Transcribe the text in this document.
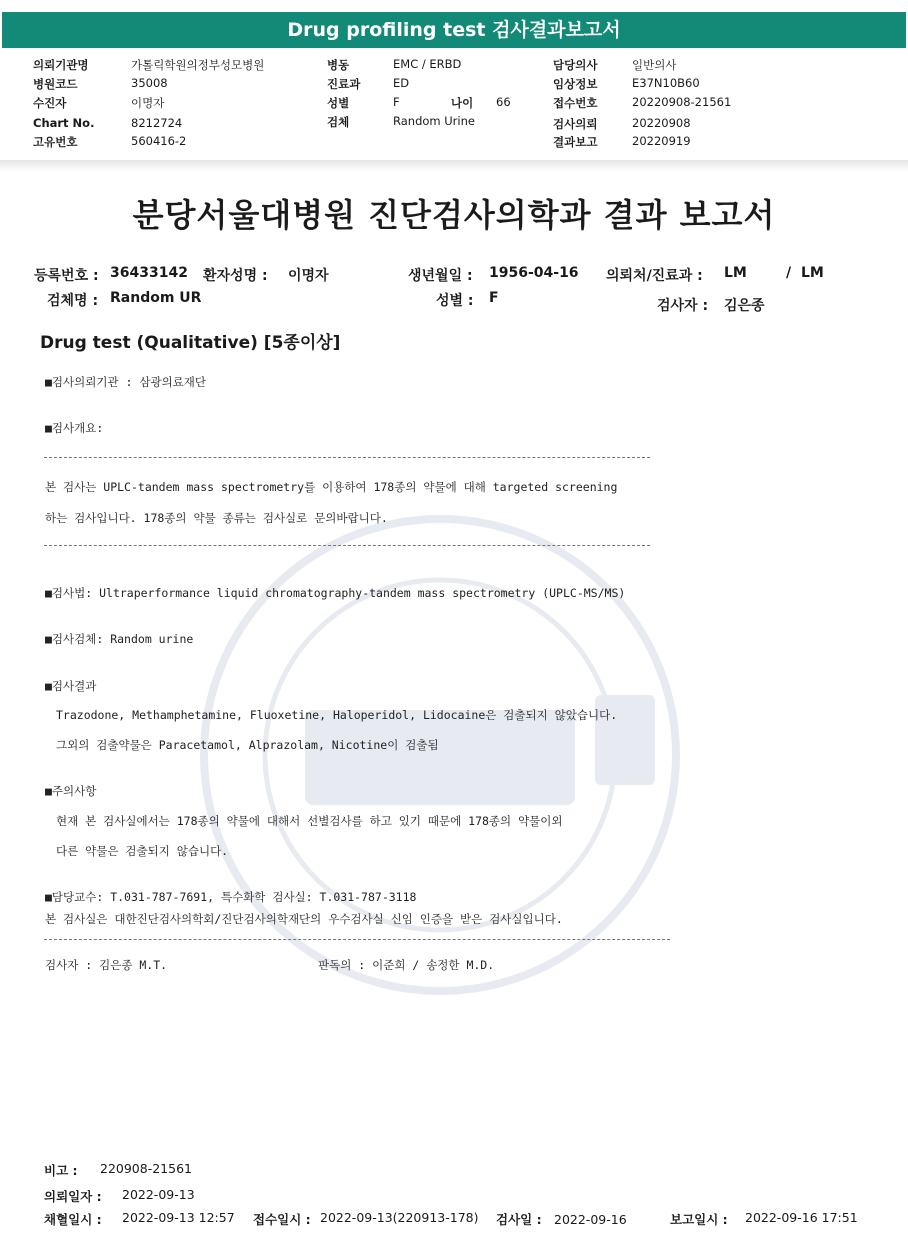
Drug profiling test 검사결과보고서
의뢰기관명	가톨릭학원의정부성모병원
병원코드	35008
수진자	이명자
Chart No.	8212724
고유번호	560416-2
병동	EMC / ERBD
진료과	ED
성별	F	나이 66
검체	Random Urine
담당의사	일반의사
임상정보	E37N10B60
접수번호	20220908-21561
검사의뢰	20220908
결과보고	20220919
분당서울대병원 진단검사의학과 결과 보고서
등록번호 : 36433142 환자성명 : 이명자	생년월일 : 1956-04-16 의뢰처/진료과 : LM	/ LM
검체명 : Random UR	성별 : F	검사자 : 김은종
Drug test (Qualitative) [5종이상]
■검사의뢰기관 : 삼광의료재단
■검사개요:
본 검사는 UPLC-tandem mass spectrometry를 이용하여 178종의 약물에 대해 targeted screening
하는 검사입니다. 178종의 약물 종류는 검사실로 문의바랍니다.
■검사법: Ultraperformance liquid chromatography-tandem mass spectrometry (UPLC-MS/MS)
■검사검체: Random urine
■검사결과
Trazodone, Methamphetamine, Fluoxetine, Haloperidol, Lidocaine은 검출되지 않았습니다.
그외의 검출약물은 Paracetamol, Alprazolam, Nicotine이 검출됨
■주의사항
현재 본 검사실에서는 178종의 약물에 대해서 선별검사를 하고 있기 때문에 178종의 약물이외
다른 약물은 검출되지 않습니다.
■담당교수: T.031-787-7691, 특수화학 검사실: T.031-787-3118
본 검사실은 대한진단검사의학회/진단검사의학재단의 우수검사실 신임 인증을 받은 검사실입니다.
검사자 : 김은종 M.T.	판독의 : 이준희 / 송정한 M.D.
비고 : 220908-21561
의뢰일자 : 2022-09-13
채혈일시 : 2022-09-13 12:57 접수일시 : 2022-09-13(220913-178) 검사일 : 2022-09-16	보고일시 : 2022-09-16 17:51
